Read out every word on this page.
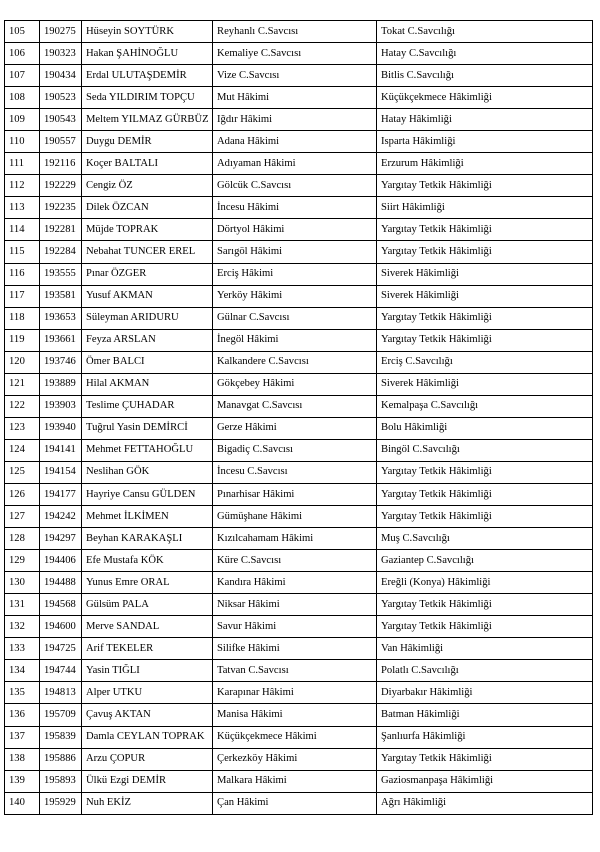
105	190275	Hüseyin SOYTÜRK	Reyhanlı C.Savcısı	Tokat C.Savcılığı
106	190323	Hakan ŞAHİNOĞLU	Kemaliye C.Savcısı	Hatay C.Savcılığı
107	190434	Erdal ULUTAŞDEMİR	Vize C.Savcısı	Bitlis C.Savcılığı
108	190523	Seda YILDIRIM TOPÇU	Mut Hâkimi	Küçükçekmece Hâkimliği
109	190543	Meltem YILMAZ GÜRBÜZ	Iğdır Hâkimi	Hatay Hâkimliği
110	190557	Duygu DEMİR	Adana Hâkimi	Isparta Hâkimliği
111	192116	Koçer BALTALI	Adıyaman Hâkimi	Erzurum Hâkimliği
112	192229	Cengiz ÖZ	Gölcük C.Savcısı	Yargıtay Tetkik Hâkimliği
113	192235	Dilek ÖZCAN	İncesu Hâkimi	Siirt Hâkimliği
114	192281	Müjde TOPRAK	Dörtyol Hâkimi	Yargıtay Tetkik Hâkimliği
115	192284	Nebahat TUNCER EREL	Sarıgöl Hâkimi	Yargıtay Tetkik Hâkimliği
116	193555	Pınar ÖZGER	Erciş Hâkimi	Siverek Hâkimliği
117	193581	Yusuf AKMAN	Yerköy Hâkimi	Siverek Hâkimliği
118	193653	Süleyman ARIDURU	Gülnar C.Savcısı	Yargıtay Tetkik Hâkimliği
119	193661	Feyza ARSLAN	İnegöl Hâkimi	Yargıtay Tetkik Hâkimliği
120	193746	Ömer BALCI	Kalkandere C.Savcısı	Erciş C.Savcılığı
121	193889	Hilal AKMAN	Gökçebey Hâkimi	Siverek Hâkimliği
122	193903	Teslime ÇUHADAR	Manavgat C.Savcısı	Kemalpaşa C.Savcılığı
123	193940	Tuğrul Yasin DEMİRCİ	Gerze Hâkimi	Bolu Hâkimliği
124	194141	Mehmet FETTAHOĞLU	Bigadiç C.Savcısı	Bingöl C.Savcılığı
125	194154	Neslihan GÖK	İncesu C.Savcısı	Yargıtay Tetkik Hâkimliği
126	194177	Hayriye Cansu GÜLDEN	Pınarhisar Hâkimi	Yargıtay Tetkik Hâkimliği
127	194242	Mehmet İLKİMEN	Gümüşhane Hâkimi	Yargıtay Tetkik Hâkimliği
128	194297	Beyhan KARAKAŞLI	Kızılcahamam Hâkimi	Muş C.Savcılığı
129	194406	Efe Mustafa KÖK	Küre C.Savcısı	Gaziantep C.Savcılığı
130	194488	Yunus Emre ORAL	Kandıra Hâkimi	Ereğli (Konya) Hâkimliği
131	194568	Gülsüm PALA	Niksar Hâkimi	Yargıtay Tetkik Hâkimliği
132	194600	Merve SANDAL	Savur Hâkimi	Yargıtay Tetkik Hâkimliği
133	194725	Arif TEKELER	Silifke Hâkimi	Van Hâkimliği
134	194744	Yasin TIĞLI	Tatvan C.Savcısı	Polatlı C.Savcılığı
135	194813	Alper UTKU	Karapınar Hâkimi	Diyarbakır Hâkimliği
136	195709	Çavuş AKTAN	Manisa Hâkimi	Batman Hâkimliği
137	195839	Damla CEYLAN TOPRAK	Küçükçekmece Hâkimi	Şanlıurfa Hâkimliği
138	195886	Arzu ÇOPUR	Çerkezköy Hâkimi	Yargıtay Tetkik Hâkimliği
139	195893	Ülkü Ezgi DEMİR	Malkara Hâkimi	Gaziosmanpaşa Hâkimliği
140	195929	Nuh EKİZ	Çan Hâkimi	Ağrı Hâkimliği
